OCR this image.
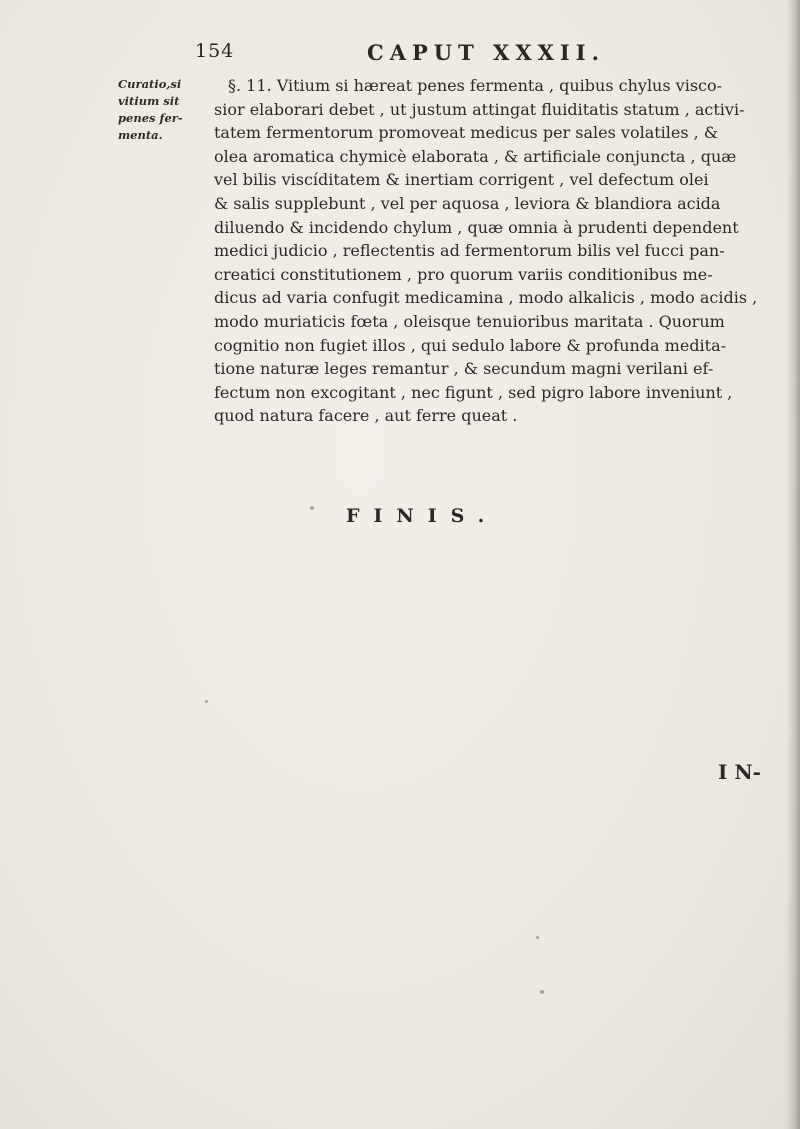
154	CAPUT XXXII.
Curatio,si
vitium sit
penes fer-
menta.
§. 11. Vitium si hæreat penes fermenta , quibus chylus visco-
sior elaborari debet , ut justum attingat fluiditatis statum , activi-
tatem fermentorum promoveat medicus per sales volatiles , &
olea aromatica chymicè elaborata , & artificiale conjuncta , quæ
vel bilis viscíditatem & inertiam corrigent , vel defectum olei
& salis supplebunt , vel per aquosa , leviora & blandiora acida
diluendo & incidendo chylum , quæ omnia à prudenti dependent
medici judicio , reflectentis ad fermentorum bilis vel fucci pan-
creatici constitutionem , pro quorum variis conditionibus me-
dicus ad varia confugit medicamina , modo alkalicis , modo acidis ,
modo muriaticis fœta , oleisque tenuioribus maritata . Quorum
cognitio non fugiet illos , qui sedulo labore & profunda medita-
tione naturæ leges remantur , & secundum magni verilani ef-
fectum non excogitant , nec figunt , sed pigro labore inveniunt ,
quod natura facere , aut ferre queat .
FINIS.
I N-
